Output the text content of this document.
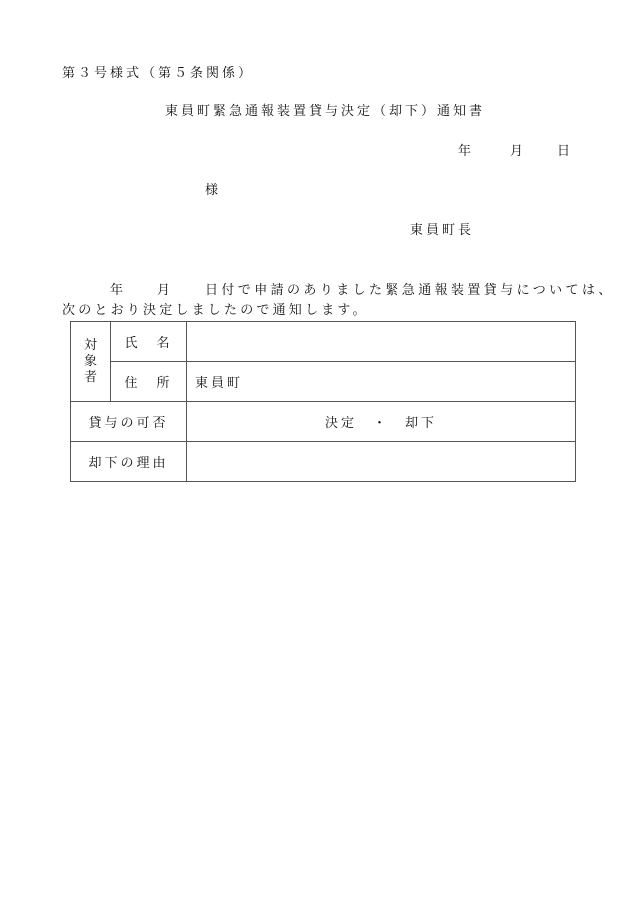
第３号様式（第５条関係）
東員町緊急通報装置貸与決定（却下）通知書
年	月 日
様
東員町長
年 月 日付で申請のありました緊急通報装置貸与については、
次のとおり決定しましたので通知します。
対象者	氏　名	
	住　所	東員町
貸与の可否		決定　・　却下
却下の理由		
